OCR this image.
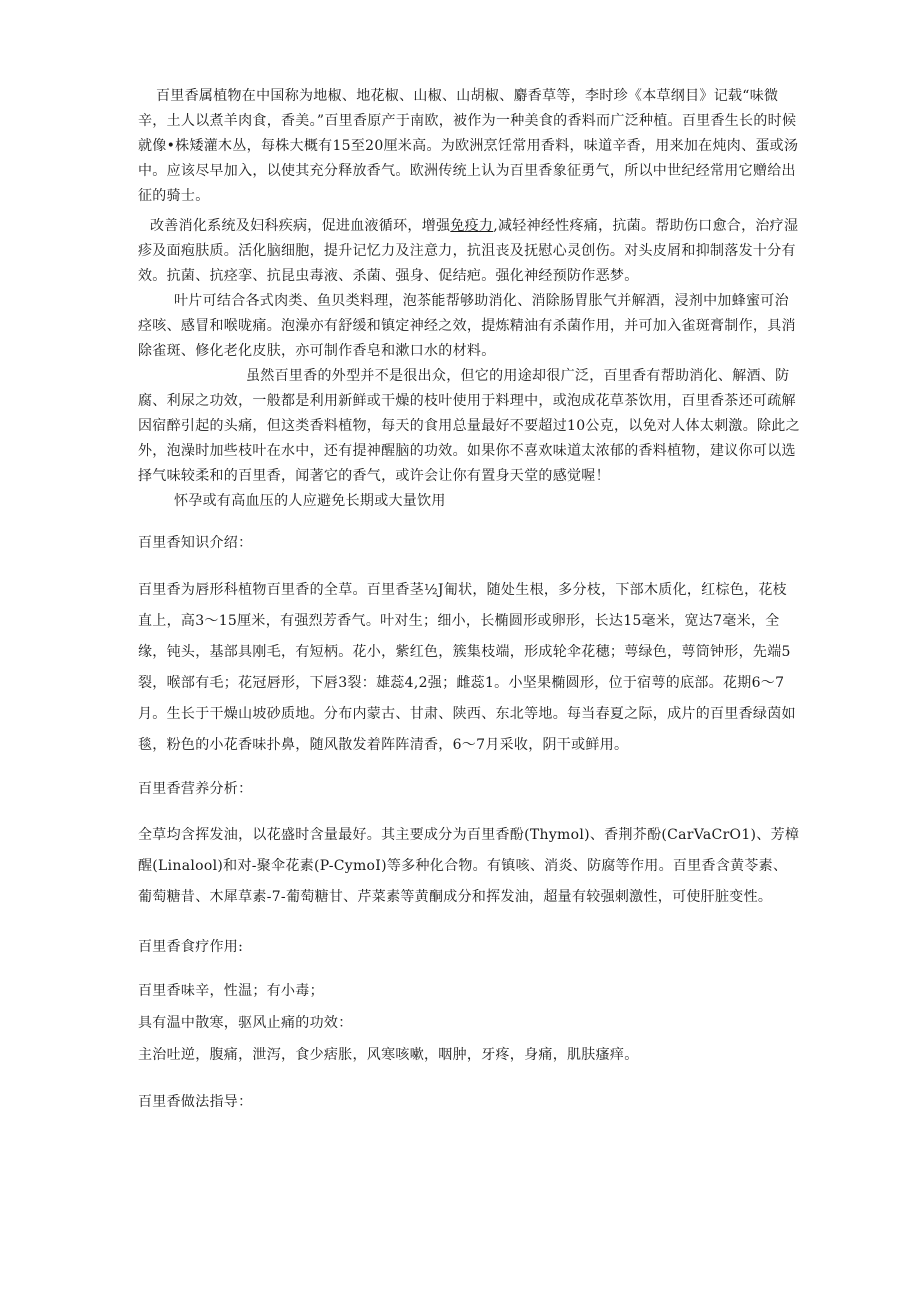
百里香属植物在中国称为地椒、地花椒、山椒、山胡椒、麝香草等，李时珍《本草纲目》记载“味微辛，土人以煮羊肉食，香美。”百里香原产于南欧，被作为一种美食的香料而广泛种植。百里香生长的时候就像•株矮灌木丛，每株大概有15至20厘米高。为欧洲烹饪常用香料，味道辛香，用来加在炖肉、蛋或汤中。应该尽早加入，以使其充分释放香气。欧洲传统上认为百里香象征勇气，所以中世纪经常用它赠给出征的骑士。

改善消化系统及妇科疾病，促进血液循环，增强免疫力,减轻神经性疼痛，抗菌。帮助伤口愈合，治疗湿疹及面疱肤质。活化脑细胞，提升记忆力及注意力，抗沮丧及抚慰心灵创伤。对头皮屑和抑制落发十分有效。抗菌、抗痉挛、抗昆虫毒液、杀菌、强身、促结疤。强化神经预防作恶梦。

叶片可结合各式肉类、鱼贝类料理，泡茶能帮够助消化、消除肠胃胀气并解酒，浸剂中加蜂蜜可治痉咳、感冒和喉咙痛。泡澡亦有舒缓和镇定神经之效，提炼精油有杀菌作用，并可加入雀斑膏制作，具消除雀斑、修化老化皮肤，亦可制作香皂和漱口水的材料。

虽然百里香的外型并不是很出众，但它的用途却很广泛，百里香有帮助消化、解酒、防腐、利尿之功效，一般都是利用新鲜或干燥的枝叶使用于料理中，或泡成花草茶饮用，百里香茶还可疏解因宿醉引起的头痛，但这类香料植物，每天的食用总量最好不要超过10公克，以免对人体太刺激。除此之外，泡澡时加些枝叶在水中，还有提神醒脑的功效。如果你不喜欢味道太浓郁的香料植物，建议你可以选择气味较柔和的百里香，闻著它的香气，或许会让你有置身天堂的感觉喔！

怀孕或有高血压的人应避免长期或大量饮用

百里香知识介绍：

百里香为唇形科植物百里香的全草。百里香茎½J匍状，随处生根，多分枝，下部木质化，红棕色，花枝直上，高3～15厘米，有强烈芳香气。叶对生；细小，长椭圆形或卵形，长达15毫米，宽达7毫米，全缘，钝头，基部具刚毛，有短柄。花小，紫红色，簇集枝端，形成轮伞花穗；萼绿色，萼筒钟形，先端5裂，喉部有毛；花冠唇形，下唇3裂：雄蕊4,2强；雌蕊1。小坚果椭圆形，位于宿萼的底部。花期6～7月。生长于干燥山坡砂质地。分布内蒙古、甘肃、陕西、东北等地。每当春夏之际，成片的百里香绿茵如毯，粉色的小花香味扑鼻，随风散发着阵阵清香，6～7月采收，阴干或鲜用。

百里香营养分析：

全草均含挥发油，以花盛时含量最好。其主要成分为百里香酚(Thymol)、香荆芥酚(CarVaCrO1)、芳樟醒(Linalool)和对-聚伞花素(P-CymoI)等多种化合物。有镇咳、消炎、防腐等作用。百里香含黄苓素、葡萄糖昔、木犀草素-7-葡萄糖甘、芹菜素等黄酮成分和挥发油，超量有较强刺激性，可使肝脏变性。

百里香食疗作用:

百里香味辛，性温；有小毒；

具有温中散寒，驱风止痛的功效：

主治吐逆，腹痛，泄泻，食少痞胀，风寒咳嗽，咽肿，牙疼，身痛，肌肤瘙痒。

百里香做法指导：
